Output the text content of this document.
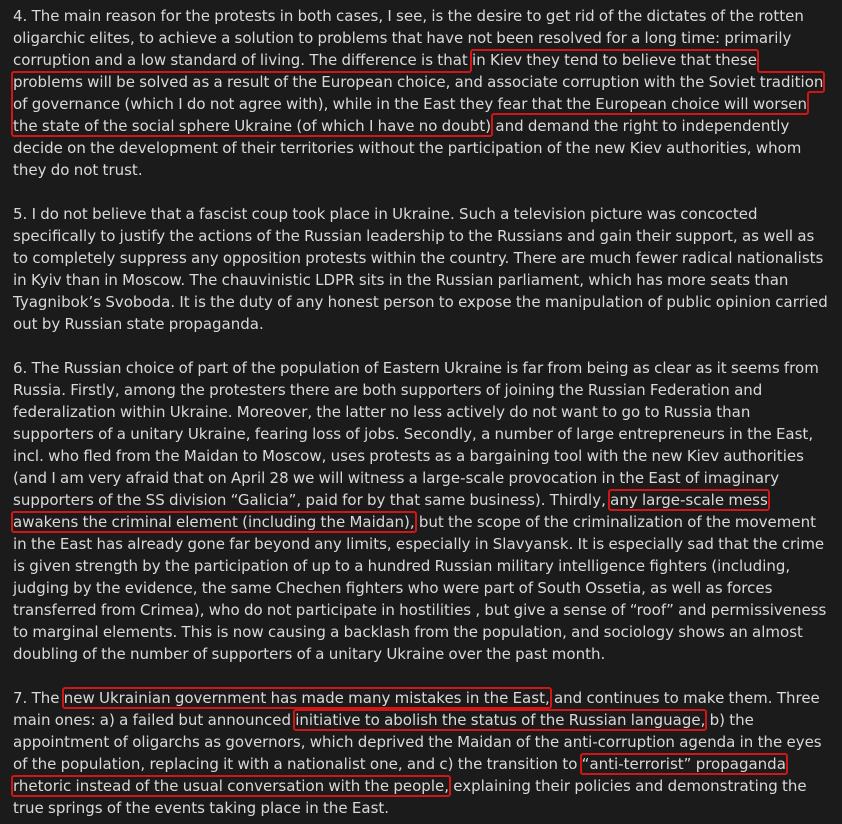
4. The main reason for the protests in both cases, I see, is the desire to get rid of the dictates of the rotten oligarchic elites, to achieve a solution to problems that have not been resolved for a long time: primarily corruption and a low standard of living. The difference is that in Kiev they tend to believe that these problems will be solved as a result of the European choice, and associate corruption with the Soviet tradition of governance (which I do not agree with), while in the East they fear that the European choice will worsen the state of the social sphere Ukraine (of which I have no doubt) and demand the right to independently decide on the development of their territories without the participation of the new Kiev authorities, whom they do not trust.

5. I do not believe that a fascist coup took place in Ukraine. Such a television picture was concocted specifically to justify the actions of the Russian leadership to the Russians and gain their support, as well as to completely suppress any opposition protests within the country. There are much fewer radical nationalists in Kyiv than in Moscow. The chauvinistic LDPR sits in the Russian parliament, which has more seats than Tyagnibok’s Svoboda. It is the duty of any honest person to expose the manipulation of public opinion carried out by Russian state propaganda.

6. The Russian choice of part of the population of Eastern Ukraine is far from being as clear as it seems from Russia. Firstly, among the protesters there are both supporters of joining the Russian Federation and federalization within Ukraine. Moreover, the latter no less actively do not want to go to Russia than supporters of a unitary Ukraine, fearing loss of jobs. Secondly, a number of large entrepreneurs in the East, incl. who fled from the Maidan to Moscow, uses protests as a bargaining tool with the new Kiev authorities (and I am very afraid that on April 28 we will witness a large-scale provocation in the East of imaginary supporters of the SS division “Galicia”, paid for by that same business). Thirdly, any large-scale mess awakens the criminal element (including the Maidan), but the scope of the criminalization of the movement in the East has already gone far beyond any limits, especially in Slavyansk. It is especially sad that the crime is given strength by the participation of up to a hundred Russian military intelligence fighters (including, judging by the evidence, the same Chechen fighters who were part of South Ossetia, as well as forces transferred from Crimea), who do not participate in hostilities , but give a sense of “roof” and permissiveness to marginal elements. This is now causing a backlash from the population, and sociology shows an almost doubling of the number of supporters of a unitary Ukraine over the past month.

7. The new Ukrainian government has made many mistakes in the East, and continues to make them. Three main ones: a) a failed but announced initiative to abolish the status of the Russian language, b) the appointment of oligarchs as governors, which deprived the Maidan of the anti-corruption agenda in the eyes of the population, replacing it with a nationalist one, and c) the transition to “anti-terrorist” propaganda rhetoric instead of the usual conversation with the people, explaining their policies and demonstrating the true springs of the events taking place in the East.
